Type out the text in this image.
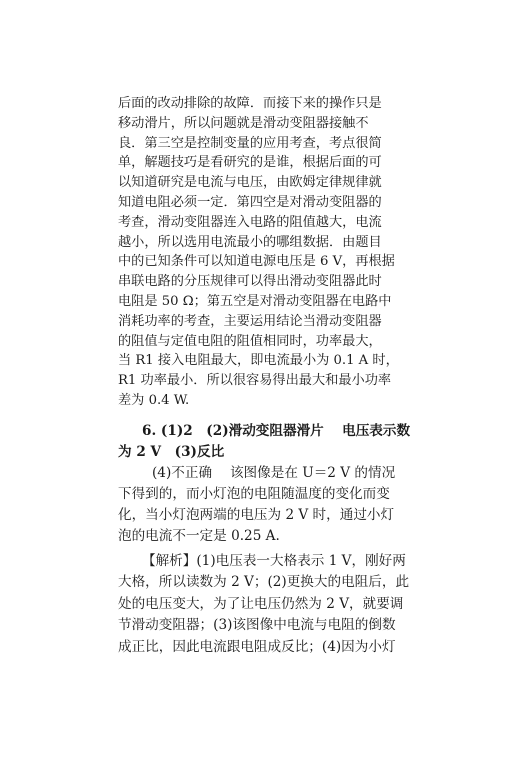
后面的改动排除的故障．而接下来的操作只是
移动滑片，所以问题就是滑动变阻器接触不
良．第三空是控制变量的应用考查，考点很简
单，解题技巧是看研究的是谁，根据后面的可
以知道研究是电流与电压，由欧姆定律规律就
知道电阻必须一定．第四空是对滑动变阻器的
考查，滑动变阻器连入电路的阻值越大，电流
越小，所以选用电流最小的哪组数据．由题目
中的已知条件可以知道电源电压是 6 V，再根据
串联电路的分压规律可以得出滑动变阻器此时
电阻是 50 Ω；第五空是对滑动变阻器在电路中
消耗功率的考查，主要运用结论当滑动变阻器
的阻值与定值电阻的阻值相同时，功率最大，
当 R1 接入电阻最大，即电流最小为 0.1 A 时，
R1 功率最小．所以很容易得出最大和最小功率
差为 0.4 W.
6. (1)2　(2)滑动变阻器滑片　 电压表示数
为 2 V　(3)反比
(4)不正确　 该图像是在 U＝2 V 的情况
下得到的，而小灯泡的电阻随温度的变化而变
化，当小灯泡两端的电压为 2 V 时，通过小灯
泡的电流不一定是 0.25 A.
【解析】(1)电压表一大格表示 1 V，刚好两
大格，所以读数为 2 V；(2)更换大的电阻后，此
处的电压变大，为了让电压仍然为 2 V，就要调
节滑动变阻器；(3)该图像中电流与电阻的倒数
成正比，因此电流跟电阻成反比；(4)因为小灯
